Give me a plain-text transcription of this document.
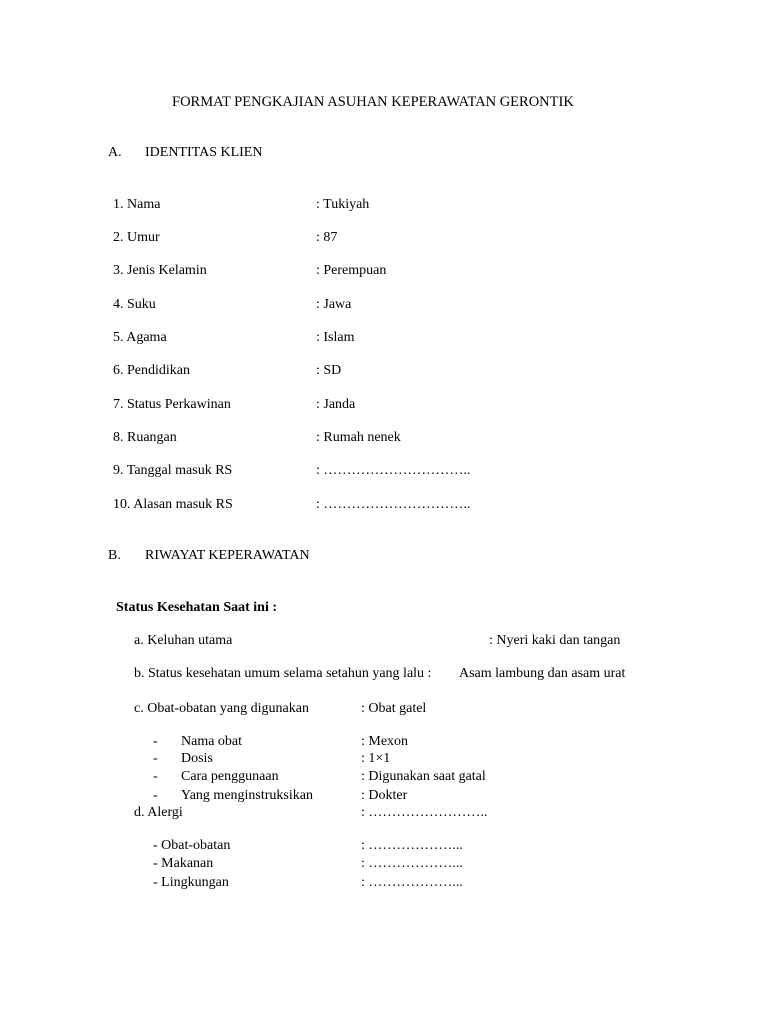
FORMAT PENGKAJIAN ASUHAN KEPERAWATAN GERONTIK
A. IDENTITAS KLIEN
1. Nama	: Tukiyah
2. Umur	: 87
3. Jenis Kelamin	: Perempuan
4. Suku	: Jawa
5. Agama	: Islam
6. Pendidikan	: SD
7. Status Perkawinan	: Janda
8. Ruangan	: Rumah nenek
9. Tanggal masuk RS	: …………………………..
10. Alasan masuk RS	: …………………………..
B. RIWAYAT KEPERAWATAN
Status Kesehatan Saat ini :
a. Keluhan utama	: Nyeri kaki dan tangan
b. Status kesehatan umum selama setahun yang lalu : Asam lambung dan asam urat
c. Obat-obatan yang digunakan	: Obat gatel
- Nama obat	: Mexon
- Dosis	: 1×1
- Cara penggunaan	: Digunakan saat gatal
- Yang menginstruksikan	: Dokter
d. Alergi	: ……………………..
- Obat-obatan	: ………………...
- Makanan	: ………………...
- Lingkungan	: ………………...
